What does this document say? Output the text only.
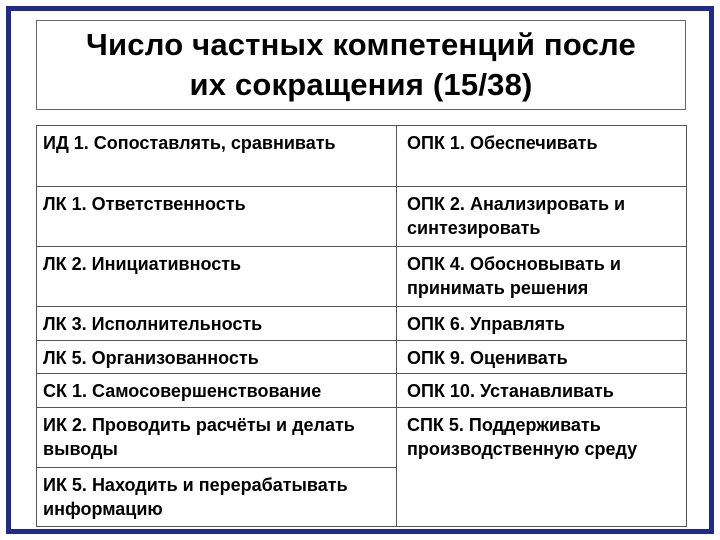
Число частных компетенций после
их сокращения (15/38)
ИД 1. Сопоставлять, сравнивать	ОПК 1. Обеспечивать
ЛК 1. Ответственность	ОПК 2. Анализировать и синтезировать
ЛК 2. Инициативность	ОПК 4. Обосновывать и принимать решения
ЛК 3. Исполнительность	ОПК 6. Управлять
ЛК 5. Организованность	ОПК 9. Оценивать
СК 1. Самосовершенствование	ОПК 10. Устанавливать
ИК 2. Проводить расчёты и делать выводы	СПК 5. Поддерживать производственную среду
ИК 5. Находить и перерабатывать информацию	
